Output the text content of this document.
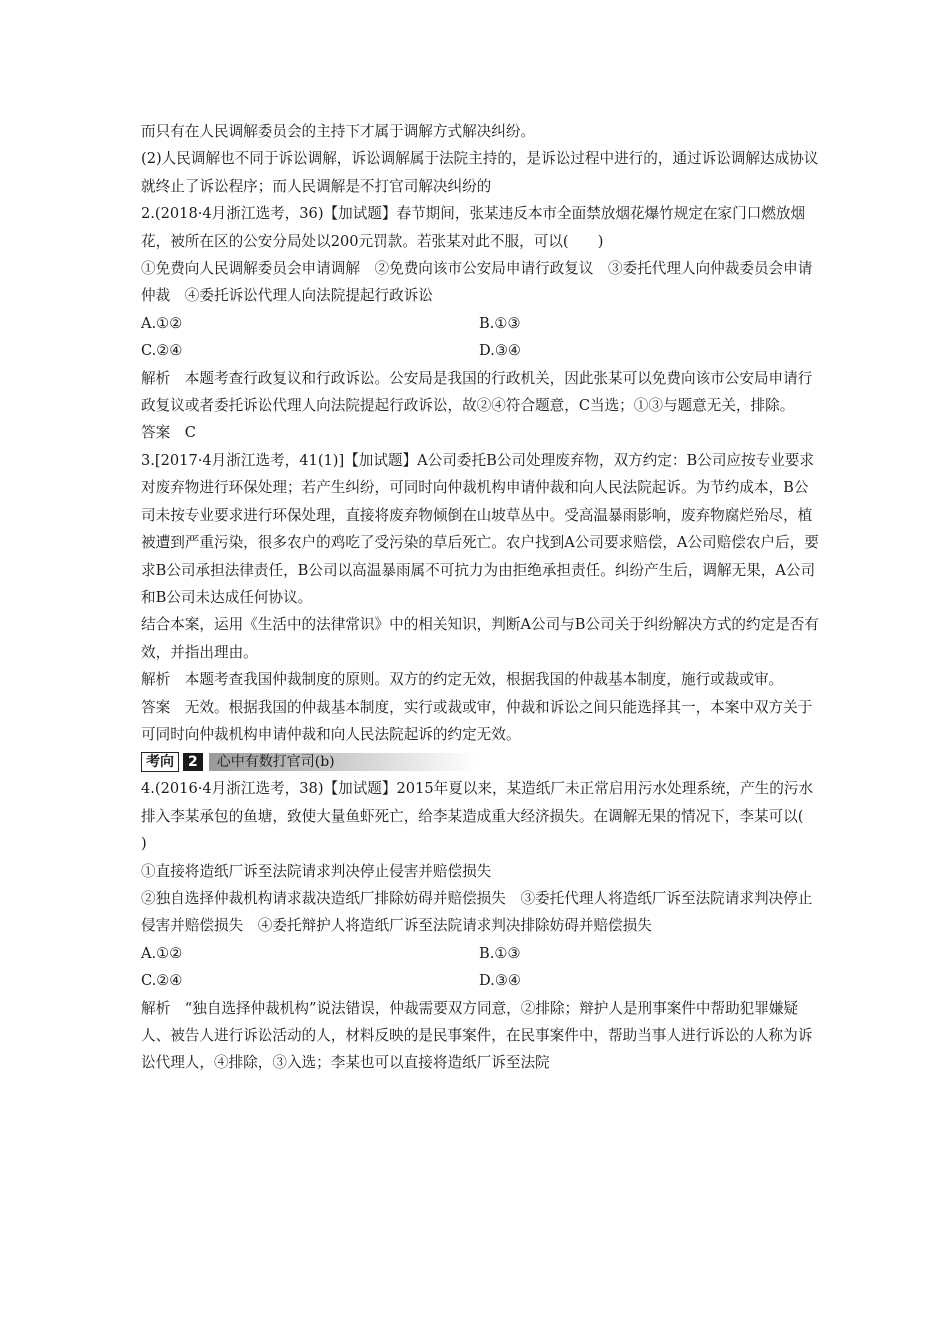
而只有在人民调解委员会的主持下才属于调解方式解决纠纷。

(2)人民调解也不同于诉讼调解，诉讼调解属于法院主持的，是诉讼过程中进行的，通过诉讼调解达成协议就终止了诉讼程序；而人民调解是不打官司解决纠纷的

2.(2018·4月浙江选考，36)【加试题】春节期间，张某违反本市全面禁放烟花爆竹规定在家门口燃放烟花，被所在区的公安分局处以200元罚款。若张某对此不服，可以(　　)

①免费向人民调解委员会申请调解　②免费向该市公安局申请行政复议　③委托代理人向仲裁委员会申请仲裁　④委托诉讼代理人向法院提起行政诉讼

A.①②	B.①③
C.②④	D.③④

解析　本题考查行政复议和行政诉讼。公安局是我国的行政机关，因此张某可以免费向该市公安局申请行政复议或者委托诉讼代理人向法院提起行政诉讼，故②④符合题意，C当选；①③与题意无关，排除。

答案　C

3.[2017·4月浙江选考，41(1)]【加试题】A公司委托B公司处理废弃物，双方约定：B公司应按专业要求对废弃物进行环保处理；若产生纠纷，可同时向仲裁机构申请仲裁和向人民法院起诉。为节约成本，B公司未按专业要求进行环保处理，直接将废弃物倾倒在山坡草丛中。受高温暴雨影响，废弃物腐烂殆尽，植被遭到严重污染，很多农户的鸡吃了受污染的草后死亡。农户找到A公司要求赔偿，A公司赔偿农户后，要求B公司承担法律责任，B公司以高温暴雨属不可抗力为由拒绝承担责任。纠纷产生后，调解无果，A公司和B公司未达成任何协议。

结合本案，运用《生活中的法律常识》中的相关知识，判断A公司与B公司关于纠纷解决方式的约定是否有效，并指出理由。

解析　本题考查我国仲裁制度的原则。双方的约定无效，根据我国的仲裁基本制度，施行或裁或审。

答案　无效。根据我国的仲裁基本制度，实行或裁或审，仲裁和诉讼之间只能选择其一，本案中双方关于可同时向仲裁机构申请仲裁和向人民法院起诉的约定无效。

考向	2	心中有数打官司(b)

4.(2016·4月浙江选考，38)【加试题】2015年夏以来，某造纸厂未正常启用污水处理系统，产生的污水排入李某承包的鱼塘，致使大量鱼虾死亡，给李某造成重大经济损失。在调解无果的情况下，李某可以(　　)

①直接将造纸厂诉至法院请求判决停止侵害并赔偿损失

②独自选择仲裁机构请求裁决造纸厂排除妨碍并赔偿损失　③委托代理人将造纸厂诉至法院请求判决停止侵害并赔偿损失　④委托辩护人将造纸厂诉至法院请求判决排除妨碍并赔偿损失

A.①②	B.①③
C.②④	D.③④

解析　“独自选择仲裁机构”说法错误，仲裁需要双方同意，②排除；辩护人是刑事案件中帮助犯罪嫌疑人、被告人进行诉讼活动的人，材料反映的是民事案件，在民事案件中，帮助当事人进行诉讼的人称为诉讼代理人，④排除，③入选；李某也可以直接将造纸厂诉至法院
